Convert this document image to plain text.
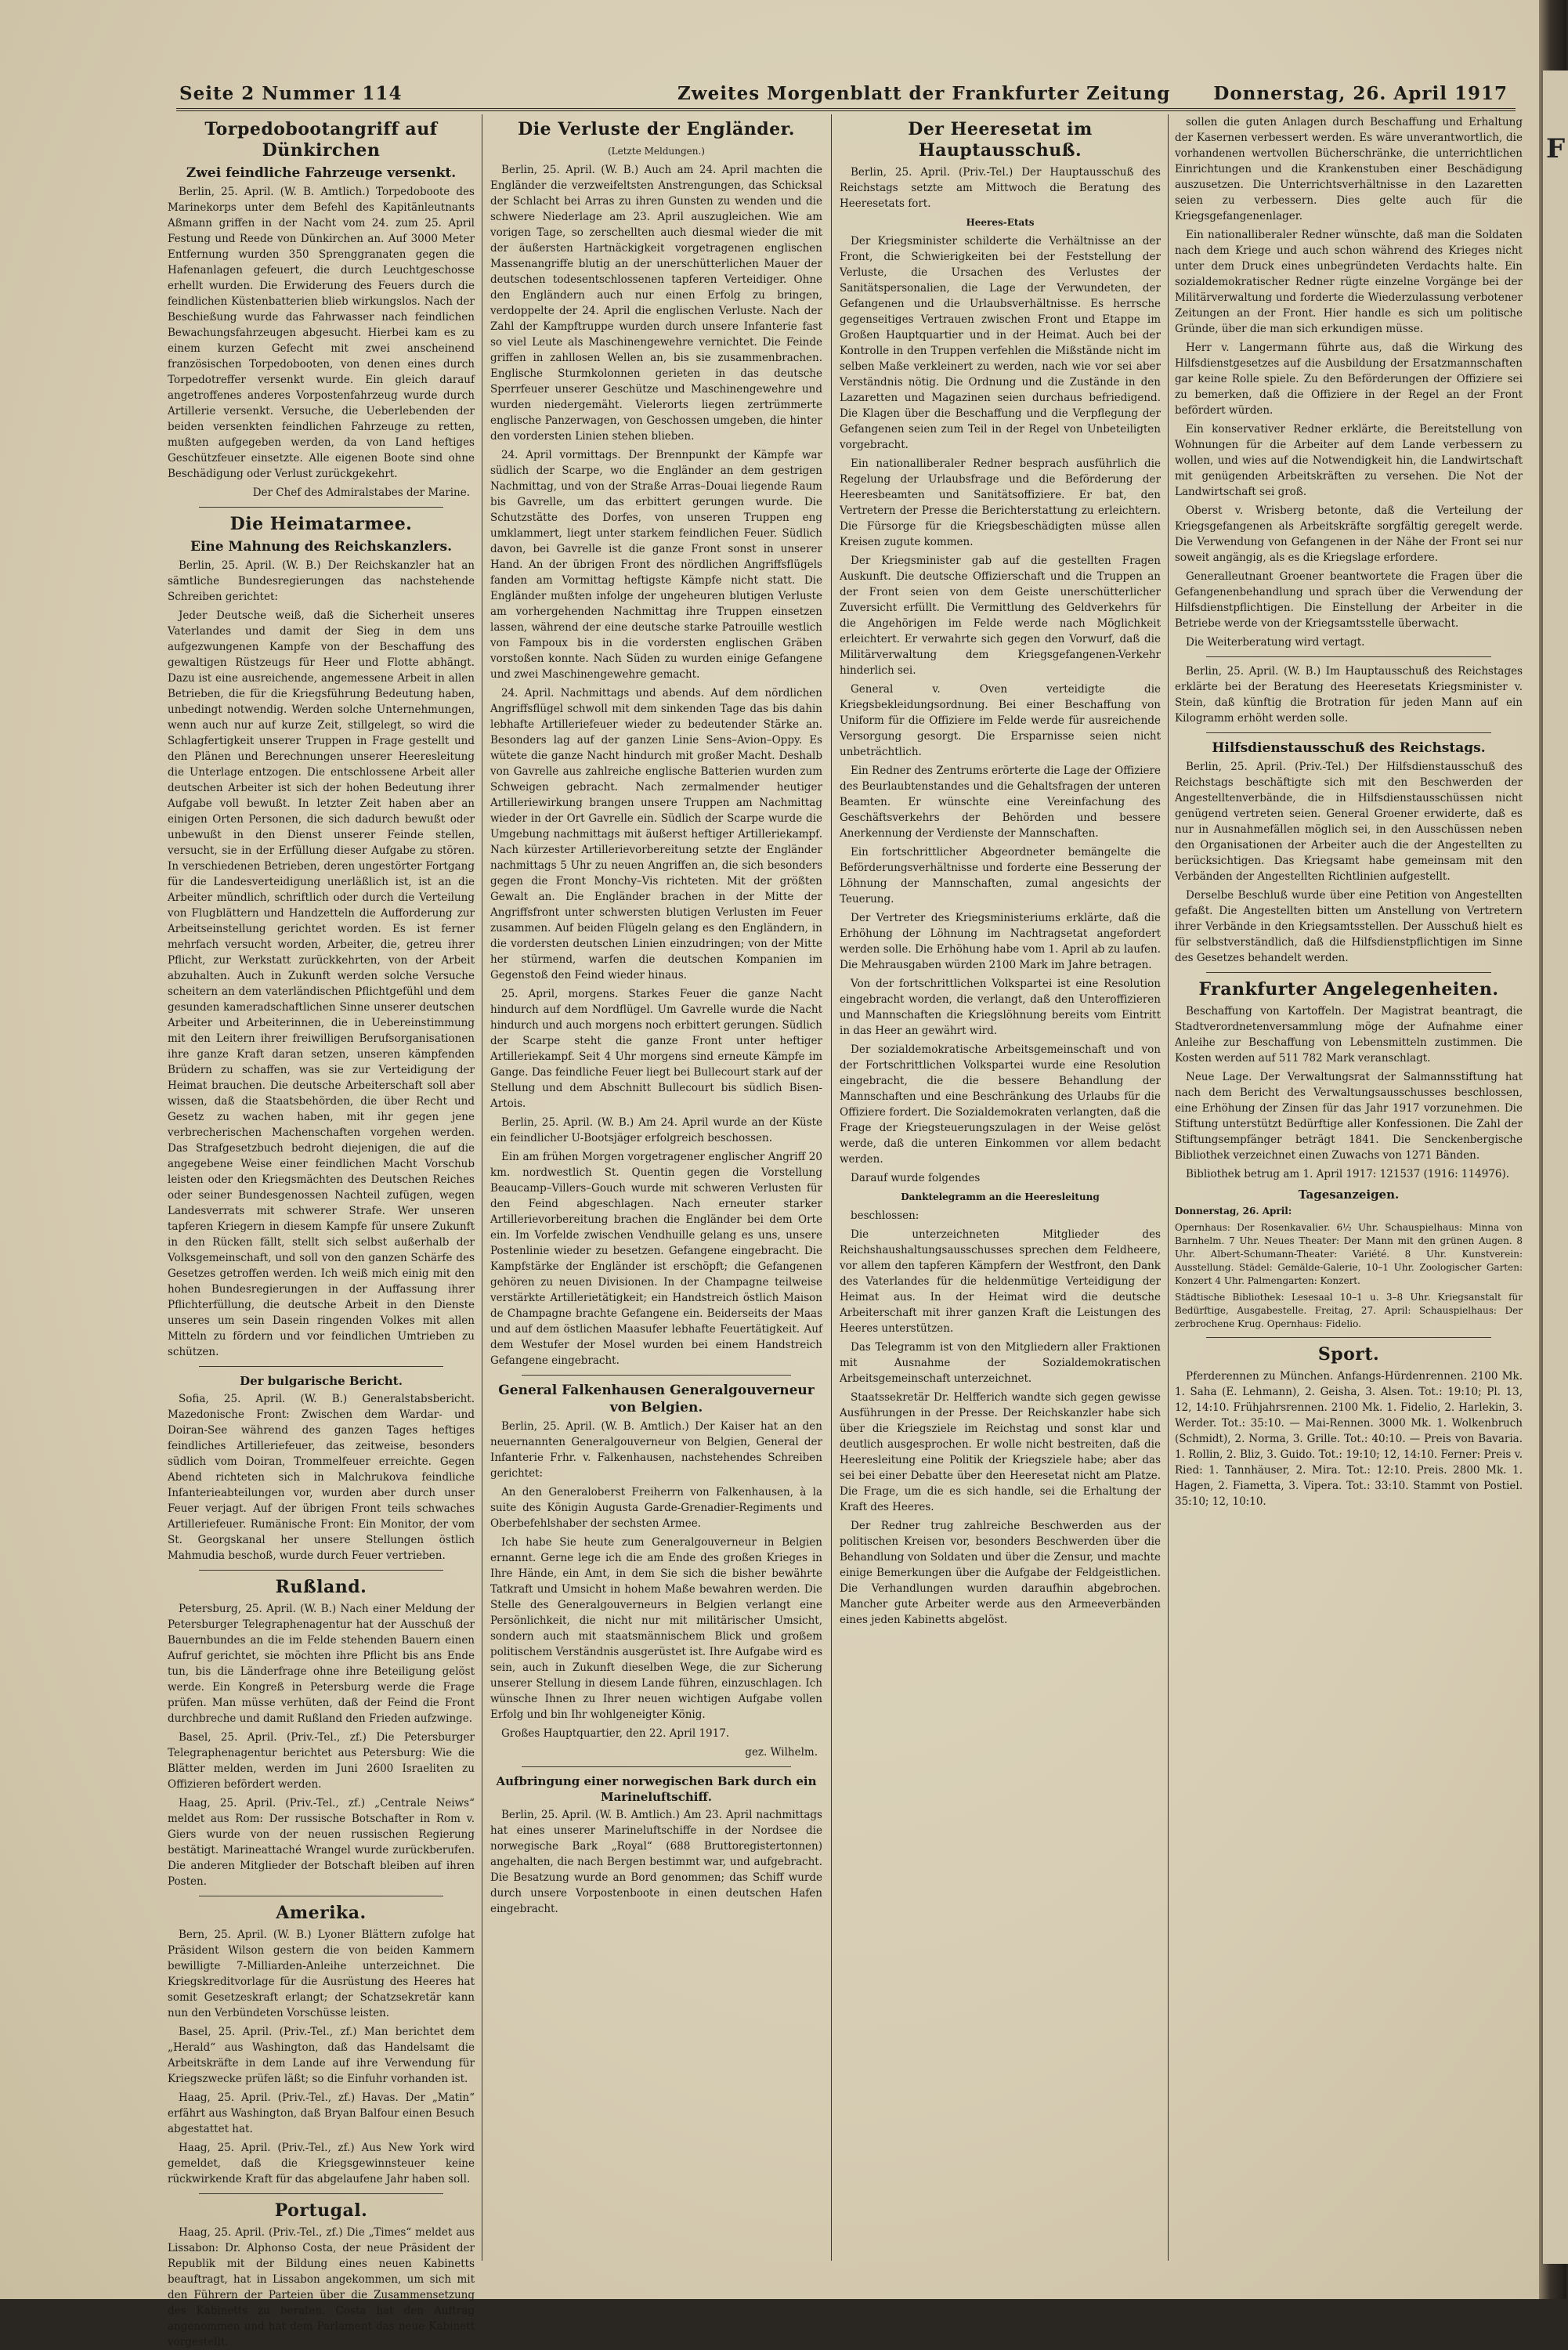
Seite 2 Nummer 114	Zweites Morgenblatt der Frankfurter Zeitung Donnerstag, 26. April 1917
Torpedobootangriff auf Dünkirchen
Zwei feindliche Fahrzeuge versenkt.

Berlin, 25. April. (W. B. Amtlich.) Torpedoboote des Marinekorps unter dem Befehl des Kapitänleutnants Aßmann griffen in der Nacht vom 24. zum 25. April Festung und Reede von Dünkirchen an. Auf 3000 Meter Entfernung wurden 350 Sprenggranaten gegen die Hafenanlagen gefeuert, die durch Leuchtgeschosse erhellt wurden. Die Erwiderung des Feuers durch die feindlichen Küstenbatterien blieb wirkungslos. Nach der Beschießung wurde das Fahrwasser nach feindlichen Bewachungsfahrzeugen abgesucht. Hierbei kam es zu einem kurzen Gefecht mit zwei anscheinend französischen Torpedobooten, von denen eines durch Torpedotreffer versenkt wurde. Ein gleich darauf angetroffenes anderes Vorpostenfahrzeug wurde durch Artillerie versenkt. Versuche, die Ueberlebenden der beiden versenkten feindlichen Fahrzeuge zu retten, mußten aufgegeben werden, da von Land heftiges Geschützfeuer einsetzte. Alle eigenen Boote sind ohne Beschädigung oder Verlust zurückgekehrt.

Der Chef des Admiralstabes der Marine.
Die Heimatarmee.
Eine Mahnung des Reichskanzlers.

Berlin, 25. April. (W. B.) Der Reichskanzler hat an sämtliche Bundesregierungen das nachstehende Schreiben gerichtet:

Jeder Deutsche weiß, daß die Sicherheit unseres Vaterlandes und damit der Sieg in dem uns aufgezwungenen Kampfe von der Beschaffung des gewaltigen Rüstzeugs für Heer und Flotte abhängt. Dazu ist eine ausreichende, angemessene Arbeit in allen Betrieben, die für die Kriegsführung Bedeutung haben, unbedingt notwendig. Werden solche Unternehmungen, wenn auch nur auf kurze Zeit, stillgelegt, so wird die Schlagfertigkeit unserer Truppen in Frage gestellt und den Plänen und Berechnungen unserer Heeresleitung die Unterlage entzogen. Die entschlossene Arbeit aller deutschen Arbeiter ist sich der hohen Bedeutung ihrer Aufgabe voll bewußt. In letzter Zeit haben aber an einigen Orten Personen, die sich dadurch bewußt oder unbewußt in den Dienst unserer Feinde stellen, versucht, sie in der Erfüllung dieser Aufgabe zu stören. In verschiedenen Betrieben, deren ungestörter Fortgang für die Landesverteidigung unerläßlich ist, ist an die Arbeiter mündlich, schriftlich oder durch die Verteilung von Flugblättern und Handzetteln die Aufforderung zur Arbeitseinstellung gerichtet worden. Es ist ferner mehrfach versucht worden, Arbeiter, die, getreu ihrer Pflicht, zur Werkstatt zurückkehrten, von der Arbeit abzuhalten. Auch in Zukunft werden solche Versuche scheitern an dem vaterländischen Pflichtgefühl und dem gesunden kameradschaftlichen Sinne unserer deutschen Arbeiter und Arbeiterinnen, die in Uebereinstimmung mit den Leitern ihrer freiwilligen Berufsorganisationen ihre ganze Kraft daran setzen, unseren kämpfenden Brüdern zu schaffen, was sie zur Verteidigung der Heimat brauchen. Die deutsche Arbeiterschaft soll aber wissen, daß die Staatsbehörden, die über Recht und Gesetz zu wachen haben, mit ihr gegen jene verbrecherischen Machenschaften vorgehen werden. Das Strafgesetzbuch bedroht diejenigen, die auf die angegebene Weise einer feindlichen Macht Vorschub leisten oder den Kriegsmächten des Deutschen Reiches oder seiner Bundesgenossen Nachteil zufügen, wegen Landesverrats mit schwerer Strafe. Wer unseren tapferen Kriegern in diesem Kampfe für unsere Zukunft in den Rücken fällt, stellt sich selbst außerhalb der Volksgemeinschaft, und soll von den ganzen Schärfe des Gesetzes getroffen werden. Ich weiß mich einig mit den hohen Bundesregierungen in der Auffassung ihrer Pflichterfüllung, die deutsche Arbeit in den Dienste unseres um sein Dasein ringenden Volkes mit allen Mitteln zu fördern und vor feindlichen Umtrieben zu schützen.

Der bulgarische Bericht.

Sofia, 25. April. (W. B.) Generalstabsbericht. Mazedonische Front: Zwischen dem Wardar- und Doiran-See während des ganzen Tages heftiges feindliches Artilleriefeuer, das zeitweise, besonders südlich vom Doiran, Trommelfeuer erreichte. Gegen Abend richteten sich in Malchrukova feindliche Infanterieabteilungen vor, wurden aber durch unser Feuer verjagt. Auf der übrigen Front teils schwaches Artilleriefeuer. Rumänische Front: Ein Monitor, der vom St. Georgskanal her unsere Stellungen östlich Mahmudia beschoß, wurde durch Feuer vertrieben.

Rußland.

Petersburg, 25. April. (W. B.) Nach einer Meldung der Petersburger Telegraphenagentur hat der Ausschuß der Bauernbundes an die im Felde stehenden Bauern einen Aufruf gerichtet, sie möchten ihre Pflicht bis ans Ende tun, bis die Länderfrage ohne ihre Beteiligung gelöst werde. Ein Kongreß in Petersburg werde die Frage prüfen. Man müsse verhüten, daß der Feind die Front durchbreche und damit Rußland den Frieden aufzwinge.

Basel, 25. April. (Priv.-Tel., zf.) Die Petersburger Telegraphenagentur berichtet aus Petersburg: Wie die Blätter melden, werden im Juni 2600 Israeliten zu Offizieren befördert werden.

Haag, 25. April. (Priv.-Tel., zf.) „Centrale Neiws“ meldet aus Rom: Der russische Botschafter in Rom v. Giers wurde von der neuen russischen Regierung bestätigt. Marineattaché Wrangel wurde zurückberufen. Die anderen Mitglieder der Botschaft bleiben auf ihren Posten.

Amerika.

Bern, 25. April. (W. B.) Lyoner Blättern zufolge hat Präsident Wilson gestern die von beiden Kammern bewilligte 7-Milliarden-Anleihe unterzeichnet. Die Kriegskreditvorlage für die Ausrüstung des Heeres hat somit Gesetzeskraft erlangt; der Schatzsekretär kann nun den Verbündeten Vorschüsse leisten.

Basel, 25. April. (Priv.-Tel., zf.) Man berichtet dem „Herald“ aus Washington, daß das Handelsamt die Arbeitskräfte in dem Lande auf ihre Verwendung für Kriegszwecke prüfen läßt; so die Einfuhr vorhanden ist.

Haag, 25. April. (Priv.-Tel., zf.) Havas. Der „Matin“ erfährt aus Washington, daß Bryan Balfour einen Besuch abgestattet hat.

Haag, 25. April. (Priv.-Tel., zf.) Aus New York wird gemeldet, daß die Kriegsgewinnsteuer keine rückwirkende Kraft für das abgelaufene Jahr haben soll.

Portugal.

Haag, 25. April. (Priv.-Tel., zf.) Die „Times“ meldet aus Lissabon: Dr. Alphonso Costa, der neue Präsident der Republik mit der Bildung eines neuen Kabinetts beauftragt, hat in Lissabon angekommen, um sich mit den Führern der Parteien über die Zusammensetzung des Kabinetts zu beraten. Costa hat den Auftrag angenommen und hat dem Parlament das neue Kabinett vorgestellt.

Die Verluste der Engländer.
(Letzte Meldungen.)

Berlin, 25. April. (W. B.) Auch am 24. April machten die Engländer die verzweifeltsten Anstrengungen, das Schicksal der Schlacht bei Arras zu ihren Gunsten zu wenden und die schwere Niederlage am 23. April auszugleichen. Wie am vorigen Tage, so zerschellten auch diesmal wieder die mit der äußersten Hartnäckigkeit vorgetragenen englischen Massenangriffe blutig an der unerschütterlichen Mauer der deutschen todesentschlossenen tapferen Verteidiger. Ohne den Engländern auch nur einen Erfolg zu bringen, verdoppelte der 24. April die englischen Verluste. Nach der Zahl der Kampftruppe wurden durch unsere Infanterie fast so viel Leute als Maschinengewehre vernichtet. Die Feinde griffen in zahllosen Wellen an, bis sie zusammenbrachen. Englische Sturmkolonnen gerieten in das deutsche Sperrfeuer unserer Geschütze und Maschinengewehre und wurden niedergemäht. Vielerorts liegen zertrümmerte englische Panzerwagen, von Geschossen umgeben, die hinter den vordersten Linien stehen blieben.

24. April vormittags. Der Brennpunkt der Kämpfe war südlich der Scarpe, wo die Engländer an dem gestrigen Nachmittag, und von der Straße Arras–Douai liegende Raum bis Gavrelle, um das erbittert gerungen wurde. Die Schutzstätte des Dorfes, von unseren Truppen eng umklammert, liegt unter starkem feindlichen Feuer. Südlich davon, bei Gavrelle ist die ganze Front sonst in unserer Hand. An der übrigen Front des nördlichen Angriffsflügels fanden am Vormittag heftigste Kämpfe nicht statt. Die Engländer mußten infolge der ungeheuren blutigen Verluste am vorhergehenden Nachmittag ihre Truppen einsetzen lassen, während der eine deutsche starke Patrouille westlich von Fampoux bis in die vordersten englischen Gräben vorstoßen konnte. Nach Süden zu wurden einige Gefangene und zwei Maschinengewehre gemacht.

24. April. Nachmittags und abends. Auf dem nördlichen Angriffsflügel schwoll mit dem sinkenden Tage das bis dahin lebhafte Artilleriefeuer wieder zu bedeutender Stärke an. Besonders lag auf der ganzen Linie Sens–Avion–Oppy. Es wütete die ganze Nacht hindurch mit großer Macht. Deshalb von Gavrelle aus zahlreiche englische Batterien wurden zum Schweigen gebracht. Nach zermalmender heutiger Artilleriewirkung brangen unsere Truppen am Nachmittag wieder in der Ort Gavrelle ein. Südlich der Scarpe wurde die Umgebung nachmittags mit äußerst heftiger Artilleriekampf. Nach kürzester Artillerievorbereitung setzte der Engländer nachmittags 5 Uhr zu neuen Angriffen an, die sich besonders gegen die Front Monchy–Vis richteten. Mit der größten Gewalt an. Die Engländer brachen in der Mitte der Angriffsfront unter schwersten blutigen Verlusten im Feuer zusammen. Auf beiden Flügeln gelang es den Engländern, in die vordersten deutschen Linien einzudringen; von der Mitte her stürmend, warfen die deutschen Kompanien im Gegenstoß den Feind wieder hinaus.

25. April, morgens. Starkes Feuer die ganze Nacht hindurch auf dem Nordflügel. Um Gavrelle wurde die Nacht hindurch und auch morgens noch erbittert gerungen. Südlich der Scarpe steht die ganze Front unter heftiger Artilleriekampf. Seit 4 Uhr morgens sind erneute Kämpfe im Gange. Das feindliche Feuer liegt bei Bullecourt stark auf der Stellung und dem Abschnitt Bullecourt bis südlich Bisen-Artois.

Berlin, 25. April. (W. B.) Am 24. April wurde an der Küste ein feindlicher U-Bootsjäger erfolgreich beschossen.

Ein am frühen Morgen vorgetragener englischer Angriff 20 km. nordwestlich St. Quentin gegen die Vorstellung Beaucamp–Villers–Gouch wurde mit schweren Verlusten für den Feind abgeschlagen. Nach erneuter starker Artillerievorbereitung brachen die Engländer bei dem Orte ein. Im Vorfelde zwischen Vendhuille gelang es uns, unsere Postenlinie wieder zu besetzen. Gefangene eingebracht. Die Kampfstärke der Engländer ist erschöpft; die Gefangenen gehören zu neuen Divisionen. In der Champagne teilweise verstärkte Artillerietätigkeit; ein Handstreich östlich Maison de Champagne brachte Gefangene ein. Beiderseits der Maas und auf dem östlichen Maasufer lebhafte Feuertätigkeit. Auf dem Westufer der Mosel wurden bei einem Handstreich Gefangene eingebracht.

General Falkenhausen Generalgouverneur von Belgien.

Berlin, 25. April. (W. B. Amtlich.) Der Kaiser hat an den neuernannten Generalgouverneur von Belgien, General der Infanterie Frhr. v. Falkenhausen, nachstehendes Schreiben gerichtet:

An den Generaloberst Freiherrn von Falkenhausen, à la suite des Königin Augusta Garde-Grenadier-Regiments und Oberbefehlshaber der sechsten Armee.

Ich habe Sie heute zum Generalgouverneur in Belgien ernannt. Gerne lege ich die am Ende des großen Krieges in Ihre Hände, ein Amt, in dem Sie sich die bisher bewährte Tatkraft und Umsicht in hohem Maße bewahren werden. Die Stelle des Generalgouverneurs in Belgien verlangt eine Persönlichkeit, die nicht nur mit militärischer Umsicht, sondern auch mit staatsmännischem Blick und großem politischem Verständnis ausgerüstet ist. Ihre Aufgabe wird es sein, auch in Zukunft dieselben Wege, die zur Sicherung unserer Stellung in diesem Lande führen, einzuschlagen. Ich wünsche Ihnen zu Ihrer neuen wichtigen Aufgabe vollen Erfolg und bin Ihr wohlgeneigter König.

Großes Hauptquartier, den 22. April 1917.

gez. Wilhelm.
Aufbringung einer norwegischen Bark durch ein Marineluftschiff.

Berlin, 25. April. (W. B. Amtlich.) Am 23. April nachmittags hat eines unserer Marineluftschiffe in der Nordsee die norwegische Bark „Royal“ (688 Bruttoregistertonnen) angehalten, die nach Bergen bestimmt war, und aufgebracht. Die Besatzung wurde an Bord genommen; das Schiff wurde durch unsere Vorpostenboote in einen deutschen Hafen eingebracht.

Der Heeresetat im Hauptausschuß.

Berlin, 25. April. (Priv.-Tel.) Der Hauptausschuß des Reichstags setzte am Mittwoch die Beratung des Heeresetats fort.

Heeres-Etats

Der Kriegsminister schilderte die Verhältnisse an der Front, die Schwierigkeiten bei der Feststellung der Verluste, die Ursachen des Verlustes der Sanitätspersonalien, die Lage der Verwundeten, der Gefangenen und die Urlaubsverhältnisse. Es herrsche gegenseitiges Vertrauen zwischen Front und Etappe im Großen Hauptquartier und in der Heimat. Auch bei der Kontrolle in den Truppen verfehlen die Mißstände nicht im selben Maße verkleinert zu werden, nach wie vor sei aber Verständnis nötig. Die Ordnung und die Zustände in den Lazaretten und Magazinen seien durchaus befriedigend. Die Klagen über die Beschaffung und die Verpflegung der Gefangenen seien zum Teil in der Regel von Unbeteiligten vorgebracht.

Ein nationalliberaler Redner besprach ausführlich die Regelung der Urlaubsfrage und die Beförderung der Heeresbeamten und Sanitätsoffiziere. Er bat, den Vertretern der Presse die Berichterstattung zu erleichtern. Die Fürsorge für die Kriegsbeschädigten müsse allen Kreisen zugute kommen.

Der Kriegsminister gab auf die gestellten Fragen Auskunft. Die deutsche Offizierschaft und die Truppen an der Front seien von dem Geiste unerschütterlicher Zuversicht erfüllt. Die Vermittlung des Geldverkehrs für die Angehörigen im Felde werde nach Möglichkeit erleichtert. Er verwahrte sich gegen den Vorwurf, daß die Militärverwaltung dem Kriegsgefangenen-Verkehr hinderlich sei.

General v. Oven verteidigte die Kriegsbekleidungsordnung. Bei einer Beschaffung von Uniform für die Offiziere im Felde werde für ausreichende Versorgung gesorgt. Die Ersparnisse seien nicht unbeträchtlich.

Ein Redner des Zentrums erörterte die Lage der Offiziere des Beurlaubtenstandes und die Gehaltsfragen der unteren Beamten. Er wünschte eine Vereinfachung des Geschäftsverkehrs der Behörden und bessere Anerkennung der Verdienste der Mannschaften.

Ein fortschrittlicher Abgeordneter bemängelte die Beförderungsverhältnisse und forderte eine Besserung der Löhnung der Mannschaften, zumal angesichts der Teuerung.

Der Vertreter des Kriegsministeriums erklärte, daß die Erhöhung der Löhnung im Nachtragsetat angefordert werden solle. Die Erhöhung habe vom 1. April ab zu laufen. Die Mehrausgaben würden 2100 Mark im Jahre betragen.

Von der fortschrittlichen Volkspartei ist eine Resolution eingebracht worden, die verlangt, daß den Unteroffizieren und Mannschaften die Kriegslöhnung bereits vom Eintritt in das Heer an gewährt wird.

Der sozialdemokratische Arbeitsgemeinschaft und von der Fortschrittlichen Volkspartei wurde eine Resolution eingebracht, die die bessere Behandlung der Mannschaften und eine Beschränkung des Urlaubs für die Offiziere fordert. Die Sozialdemokraten verlangten, daß die Frage der Kriegsteuerungszulagen in der Weise gelöst werde, daß die unteren Einkommen vor allem bedacht werden.

Darauf wurde folgendes

Danktelegramm an die Heeresleitung

beschlossen:

Die unterzeichneten Mitglieder des Reichshaushaltungsausschusses sprechen dem Feldheere, vor allem den tapferen Kämpfern der Westfront, den Dank des Vaterlandes für die heldenmütige Verteidigung der Heimat aus. In der Heimat wird die deutsche Arbeiterschaft mit ihrer ganzen Kraft die Leistungen des Heeres unterstützen.

Das Telegramm ist von den Mitgliedern aller Fraktionen mit Ausnahme der Sozialdemokratischen Arbeitsgemeinschaft unterzeichnet.

Staatssekretär Dr. Helfferich wandte sich gegen gewisse Ausführungen in der Presse. Der Reichskanzler habe sich über die Kriegsziele im Reichstag und sonst klar und deutlich ausgesprochen. Er wolle nicht bestreiten, daß die Heeresleitung eine Politik der Kriegsziele habe; aber das sei bei einer Debatte über den Heeresetat nicht am Platze. Die Frage, um die es sich handle, sei die Erhaltung der Kraft des Heeres.

Der Redner trug zahlreiche Beschwerden aus der politischen Kreisen vor, besonders Beschwerden über die Behandlung von Soldaten und über die Zensur, und machte einige Bemerkungen über die Aufgabe der Feldgeistlichen. Die Verhandlungen wurden daraufhin abgebrochen. Mancher gute Arbeiter werde aus den Armeeverbänden eines jeden Kabinetts abgelöst.

sollen die guten Anlagen durch Beschaffung und Erhaltung der Kasernen verbessert werden. Es wäre unverantwortlich, die vorhandenen wertvollen Bücherschränke, die unterrichtlichen Einrichtungen und die Krankenstuben einer Beschädigung auszusetzen. Die Unterrichtsverhältnisse in den Lazaretten seien zu verbessern. Dies gelte auch für die Kriegsgefangenenlager.

Ein nationalliberaler Redner wünschte, daß man die Soldaten nach dem Kriege und auch schon während des Krieges nicht unter dem Druck eines unbegründeten Verdachts halte. Ein sozialdemokratischer Redner rügte einzelne Vorgänge bei der Militärverwaltung und forderte die Wiederzulassung verbotener Zeitungen an der Front. Hier handle es sich um politische Gründe, über die man sich erkundigen müsse.

Herr v. Langermann führte aus, daß die Wirkung des Hilfsdienstgesetzes auf die Ausbildung der Ersatzmannschaften gar keine Rolle spiele. Zu den Beförderungen der Offiziere sei zu bemerken, daß die Offiziere in der Regel an der Front befördert würden.

Ein konservativer Redner erklärte, die Bereitstellung von Wohnungen für die Arbeiter auf dem Lande verbessern zu wollen, und wies auf die Notwendigkeit hin, die Landwirtschaft mit genügenden Arbeitskräften zu versehen. Die Not der Landwirtschaft sei groß.

Oberst v. Wrisberg betonte, daß die Verteilung der Kriegsgefangenen als Arbeitskräfte sorgfältig geregelt werde. Die Verwendung von Gefangenen in der Nähe der Front sei nur soweit angängig, als es die Kriegslage erfordere.

Generalleutnant Groener beantwortete die Fragen über die Gefangenenbehandlung und sprach über die Verwendung der Hilfsdienstpflichtigen. Die Einstellung der Arbeiter in die Betriebe werde von der Kriegsamtsstelle überwacht.

Die Weiterberatung wird vertagt.

Berlin, 25. April. (W. B.) Im Hauptausschuß des Reichstages erklärte bei der Beratung des Heeresetats Kriegsminister v. Stein, daß künftig die Brotration für jeden Mann auf ein Kilogramm erhöht werden solle.

Hilfsdienstausschuß des Reichstags.

Berlin, 25. April. (Priv.-Tel.) Der Hilfsdienstausschuß des Reichstags beschäftigte sich mit den Beschwerden der Angestelltenverbände, die in Hilfsdienstausschüssen nicht genügend vertreten seien. General Groener erwiderte, daß es nur in Ausnahmefällen möglich sei, in den Ausschüssen neben den Organisationen der Arbeiter auch die der Angestellten zu berücksichtigen. Das Kriegsamt habe gemeinsam mit den Verbänden der Angestellten Richtlinien aufgestellt.

Derselbe Beschluß wurde über eine Petition von Angestellten gefaßt. Die Angestellten bitten um Anstellung von Vertretern ihrer Verbände in den Kriegsamtsstellen. Der Ausschuß hielt es für selbstverständlich, daß die Hilfsdienstpflichtigen im Sinne des Gesetzes behandelt werden.

Frankfurter Angelegenheiten.

Beschaffung von Kartoffeln. Der Magistrat beantragt, die Stadtverordnetenversammlung möge der Aufnahme einer Anleihe zur Beschaffung von Lebensmitteln zustimmen. Die Kosten werden auf 511 782 Mark veranschlagt.

Neue Lage. Der Verwaltungsrat der Salmannsstiftung hat nach dem Bericht des Verwaltungsausschusses beschlossen, eine Erhöhung der Zinsen für das Jahr 1917 vorzunehmen. Die Stiftung unterstützt Bedürftige aller Konfessionen. Die Zahl der Stiftungsempfänger beträgt 1841. Die Senckenbergische Bibliothek verzeichnet einen Zuwachs von 1271 Bänden.

Bibliothek betrug am 1. April 1917: 121537 (1916: 114976).

Tagesanzeigen.

Donnerstag, 26. April:

Opernhaus: Der Rosenkavalier. 6½ Uhr. Schauspielhaus: Minna von Barnhelm. 7 Uhr. Neues Theater: Der Mann mit den grünen Augen. 8 Uhr. Albert-Schumann-Theater: Variété. 8 Uhr. Kunstverein: Ausstellung. Städel: Gemälde-Galerie, 10–1 Uhr. Zoologischer Garten: Konzert 4 Uhr. Palmengarten: Konzert.

Städtische Bibliothek: Lesesaal 10–1 u. 3–8 Uhr. Kriegsanstalt für Bedürftige, Ausgabestelle. Freitag, 27. April: Schauspielhaus: Der zerbrochene Krug. Opernhaus: Fidelio.

Sport.

Pferderennen zu München. Anfangs-Hürdenrennen. 2100 Mk. 1. Saha (E. Lehmann), 2. Geisha, 3. Alsen. Tot.: 19:10; Pl. 13, 12, 14:10. Frühjahrsrennen. 2100 Mk. 1. Fidelio, 2. Harlekin, 3. Werder. Tot.: 35:10. — Mai-Rennen. 3000 Mk. 1. Wolkenbruch (Schmidt), 2. Norma, 3. Grille. Tot.: 40:10. — Preis von Bavaria. 1. Rollin, 2. Bliz, 3. Guido. Tot.: 19:10; 12, 14:10. Ferner: Preis v. Ried: 1. Tannhäuser, 2. Mira. Tot.: 12:10. Preis. 2800 Mk. 1. Hagen, 2. Fiametta, 3. Vipera. Tot.: 33:10. Stammt von Postiel. 35:10; 12, 10:10.

F
